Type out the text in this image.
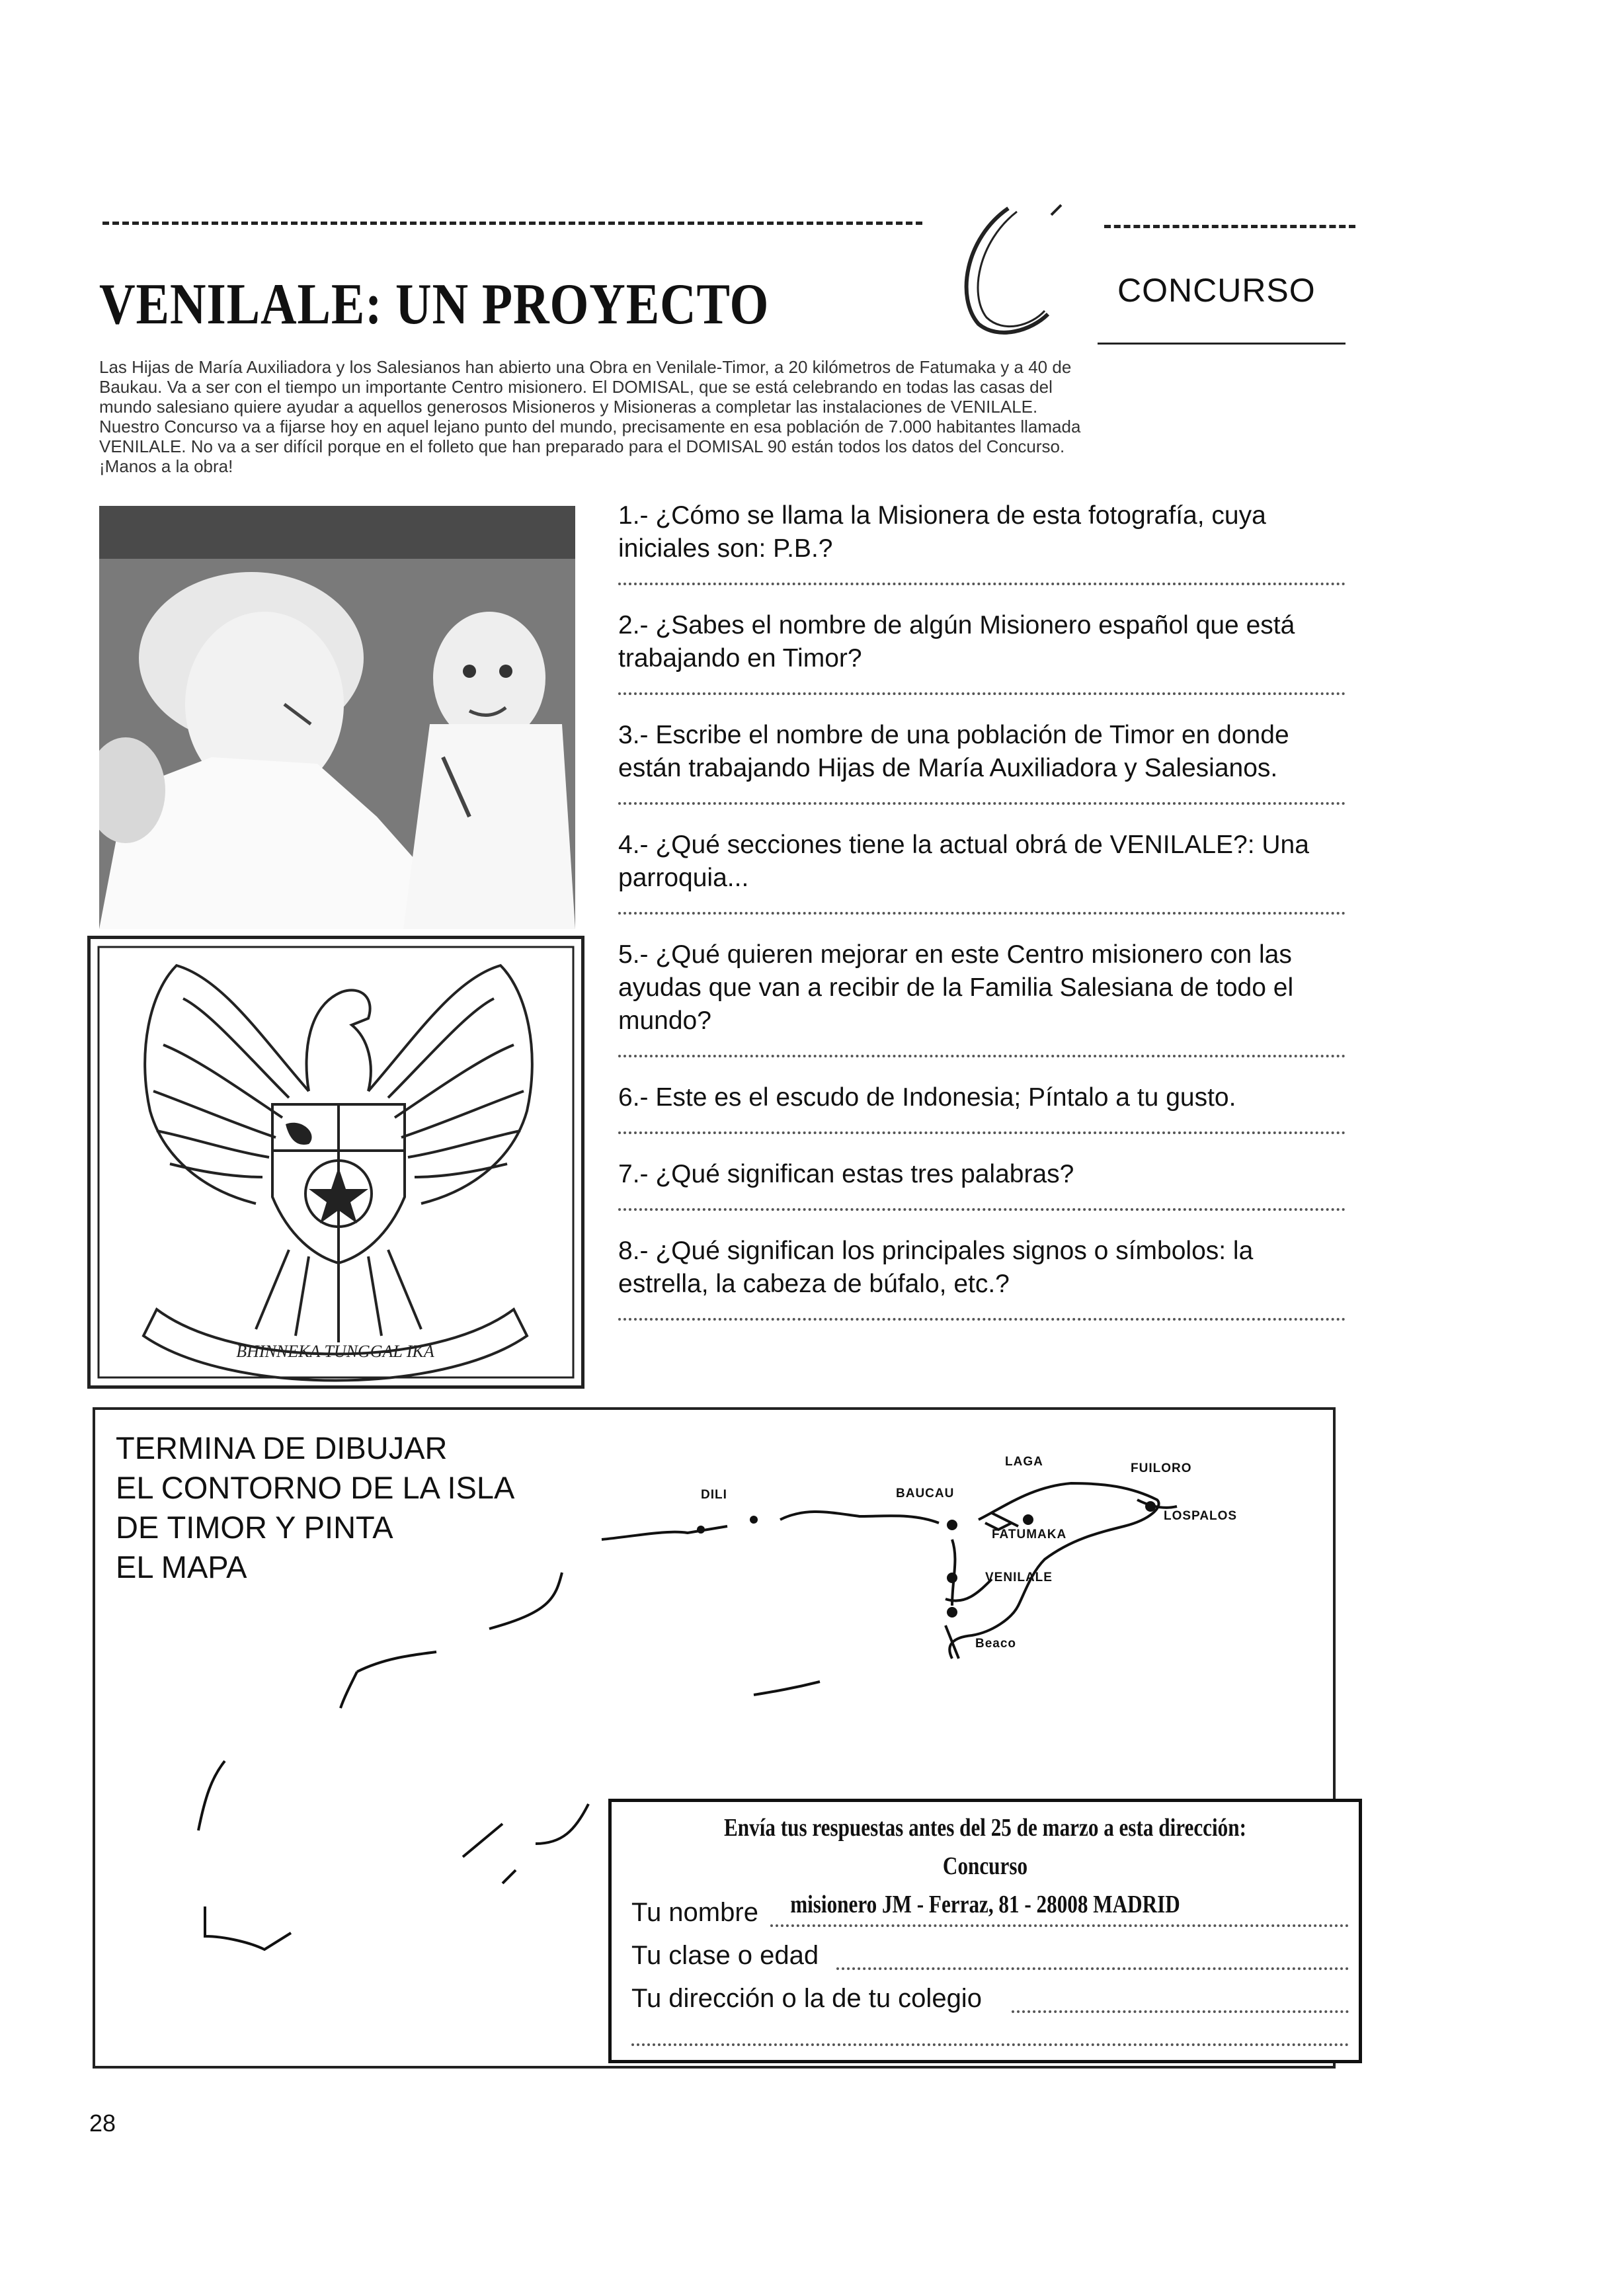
VENILALE: UN PROYECTO	CONCURSO

Las Hijas de María Auxiliadora y los Salesianos han abierto una Obra en Venilale-Timor, a 20 kilómetros de Fatumaka y a 40 de

Baukau. Va a ser con el tiempo un importante Centro misionero. El DOMISAL, que se está celebrando en todas las casas del

mundo salesiano quiere ayudar a aquellos generosos Misioneros y Misioneras a completar las instalaciones de VENILALE.

Nuestro Concurso va a fijarse hoy en aquel lejano punto del mundo, precisamente en esa población de 7.000 habitantes llamada

VENILALE. No va a ser difícil porque en el folleto que han preparado para el DOMISAL 90 están todos los datos del Concurso.

¡Manos a la obra!

BHINNEKA TUNGGAL IKA

1.- ¿Cómo se llama la Misionera de esta fotografía, cuya iniciales son: P.B.?

2.- ¿Sabes el nombre de algún Misionero español que está trabajando en Timor?

3.- Escribe el nombre de una población de Timor en donde están trabajando Hijas de María Auxiliadora y Salesianos.

4.- ¿Qué secciones tiene la actual obrá de VENILALE?: Una parroquia...

5.- ¿Qué quieren mejorar en este Centro misionero con las ayudas que van a recibir de la Familia Salesiana de todo el mundo?

6.- Este es el escudo de Indonesia; Píntalo a tu gusto.

7.- ¿Qué significan estas tres palabras?

8.- ¿Qué significan los principales signos o símbolos: la estrella, la cabeza de búfalo, etc.?

TERMINA DE DIBUJAR
EL CONTORNO DE LA ISLA
DE TIMOR Y PINTA
EL MAPA
DILI	BAUCAU
LAGA	FUILORO
LOSPALOS
FATUMAKA
VENILALE
Beaco
Envía tus respuestas antes del 25 de marzo a esta dirección: Concurso
misionero JM - Ferraz, 81 - 28008 MADRID
Tu nombre
Tu clase o edad
Tu dirección o la de tu colegio
28
